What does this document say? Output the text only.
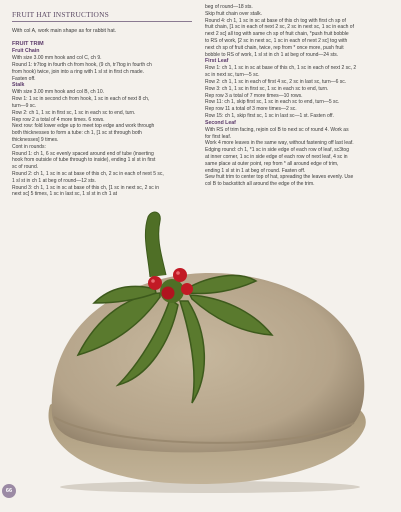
FRUIT HAT INSTRUCTIONS

With col A, work main shape as for rabbit hat.

FRUIT TRIM

Fruit Chain

With size 3.00 mm hook and col C, ch 9.

Round 1: tr7tog in fourth ch from hook, (9 ch, tr7tog in fourth ch

from hook) twice, join into a ring with 1 sl st in first ch made.

Fasten off.

Stalk

With size 3.00 mm hook and col B, ch 10.

Row 1: 1 sc in second ch from hook, 1 sc in each of next 8 ch,

turn—9 sc.

Row 2: ch 1, 1 sc in first sc, 1 sc in each sc to end, turn.

Rep row 2 a total of 4 more times. 6 rows.

Next row: fold lower edge up to meet top edge and work through

both thicknesses to form a tube: ch 1, [1 sc st through both

thicknesses] 9 times.

Cont in rounds:

Round 1: ch 1, 6 sc evenly spaced around end of tube (inserting

hook from outside of tube through to inside), ending 1 sl st in first

sc of round.

Round 2: ch 1, 1 sc in sc at base of this ch, 2 sc in each of next 5 sc,

1 sl st in ch 1 at beg of round—12 sts.

Round 3: ch 1, 1 sc in sc at base of this ch, [1 sc in next sc, 2 sc in

next sc] 5 times, 1 sc in last sc, 1 sl st in ch 1 at

beg of round—18 sts.

Skip fruit chain over stalk.

Round 4: ch 1, 1 sc in sc at base of this ch tog with first ch sp of

fruit chain, [1 sc in each of next 2 sc, 2 sc in next sc, 1 sc in each of

next 2 sc] all tog with same ch sp of fruit chain, *push fruit bobble

to RS of work, [2 sc in next sc, 1 sc in each of next 2 sc] tog with

next ch sp of fruit chain, twice, rep from * once more, push fruit

bobble to RS of work, 1 sl st in ch 1 at beg of round—24 sts.

First Leaf

Row 1: ch 1, 1 sc in sc at base of this ch, 1 sc in each of next 2 sc, 2

sc in next sc, turn—5 sc.

Row 2: ch 1, 1 sc in each of first 4 sc, 2 sc in last sc, turn—6 sc.

Row 3: ch 1, 1 sc in first sc, 1 sc in each sc to end, turn.

Rep row 3 a total of 7 more times—10 rows.

Row 11: ch 1, skip first sc, 1 sc in each sc to end, turn—5 sc.

Rep row 11 a total of 3 more times—2 sc.

Row 15: ch 1, skip first sc, 1 sc in last sc—1 st. Fasten off.

Second Leaf

With RS of trim facing, rejoin col B to next sc of round 4. Work as

for first leaf.

Work 4 more leaves in the same way, without fastening off last leaf.

Edging round: ch 1, *1 sc in side edge of each row of leaf, sc3tog

at inner corner, 1 sc in side edge of each row of next leaf, 4 sc in

same place at outer point, rep from * all around edge of trim,

ending 1 sl st in 1 at beg of round. Fasten off.

Sew fruit trim to center top of hat, spreading the leaves evenly. Use

col B to backstitch all around the edge of the trim.

66
